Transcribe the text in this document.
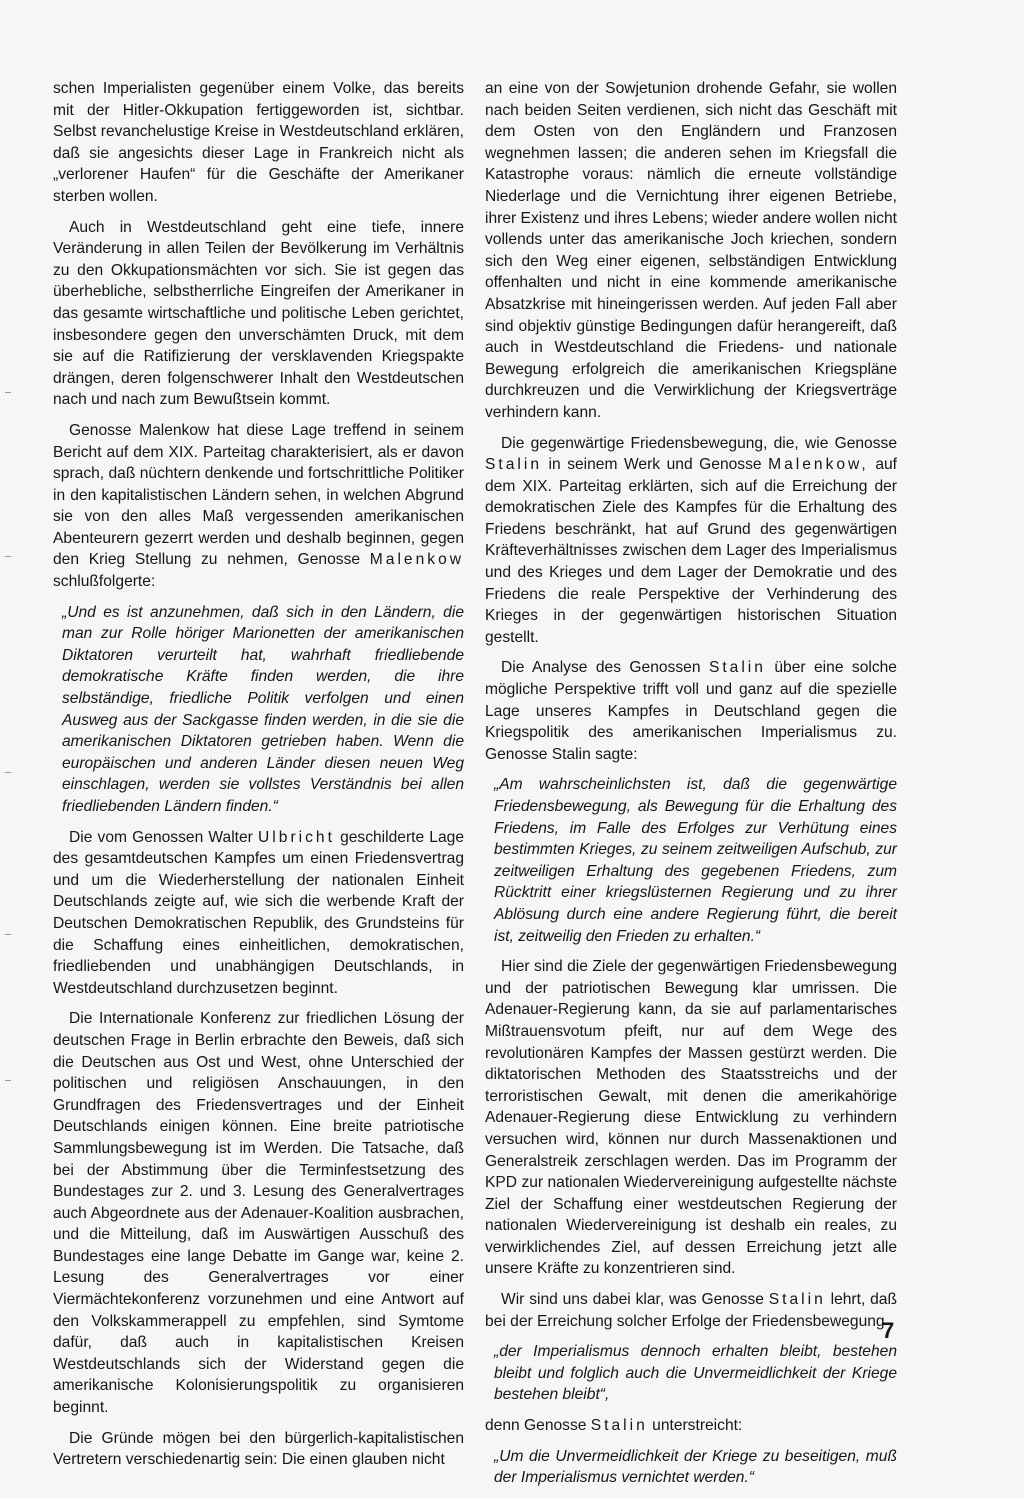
schen Imperialisten gegenüber einem Volke, das bereits mit der Hitler-Okkupation fertiggeworden ist, sichtbar. Selbst revanchelustige Kreise in Westdeutschland erklären, daß sie angesichts dieser Lage in Frankreich nicht als „verlorener Haufen“ für die Geschäfte der Amerikaner sterben wollen.

Auch in Westdeutschland geht eine tiefe, innere Veränderung in allen Teilen der Bevölkerung im Verhältnis zu den Okkupationsmächten vor sich. Sie ist gegen das überhebliche, selbstherrliche Eingreifen der Amerikaner in das gesamte wirtschaftliche und politische Leben gerichtet, insbesondere gegen den unverschämten Druck, mit dem sie auf die Ratifizierung der versklavenden Kriegspakte drängen, deren folgenschwerer Inhalt den Westdeutschen nach und nach zum Bewußtsein kommt.

Genosse Malenkow hat diese Lage treffend in seinem Bericht auf dem XIX. Parteitag charakterisiert, als er davon sprach, daß nüchtern denkende und fortschrittliche Politiker in den kapitalistischen Ländern sehen, in welchen Abgrund sie von den alles Maß vergessenden amerikanischen Abenteurern gezerrt werden und deshalb beginnen, gegen den Krieg Stellung zu nehmen, Genosse Malenkow schlußfolgerte:

„Und es ist anzunehmen, daß sich in den Ländern, die man zur Rolle höriger Marionetten der amerikanischen Diktatoren verurteilt hat, wahrhaft friedliebende demokratische Kräfte finden werden, die ihre selbständige, friedliche Politik verfolgen und einen Ausweg aus der Sackgasse finden werden, in die sie die amerikanischen Diktatoren getrieben haben. Wenn die europäischen und anderen Länder diesen neuen Weg einschlagen, werden sie vollstes Verständnis bei allen friedliebenden Ländern finden.“

Die vom Genossen Walter Ulbricht geschilderte Lage des gesamtdeutschen Kampfes um einen Friedensvertrag und um die Wiederherstellung der nationalen Einheit Deutschlands zeigte auf, wie sich die werbende Kraft der Deutschen Demokratischen Republik, des Grundsteins für die Schaffung eines einheitlichen, demokratischen, friedliebenden und unabhängigen Deutschlands, in Westdeutschland durchzusetzen beginnt.

Die Internationale Konferenz zur friedlichen Lösung der deutschen Frage in Berlin erbrachte den Beweis, daß sich die Deutschen aus Ost und West, ohne Unterschied der politischen und religiösen Anschauungen, in den Grundfragen des Friedensvertrages und der Einheit Deutschlands einigen können. Eine breite patriotische Sammlungsbewegung ist im Werden. Die Tatsache, daß bei der Abstimmung über die Terminfestsetzung des Bundestages zur 2. und 3. Lesung des Generalvertrages auch Abgeordnete aus der Adenauer-Koalition ausbrachen, und die Mitteilung, daß im Auswärtigen Ausschuß des Bundestages eine lange Debatte im Gange war, keine 2. Lesung des Generalvertrages vor einer Viermächtekonferenz vorzunehmen und eine Antwort auf den Volkskammerappell zu empfehlen, sind Symtome dafür, daß auch in kapitalistischen Kreisen Westdeutschlands sich der Widerstand gegen die amerikanische Kolonisierungspolitik zu organisieren beginnt.

Die Gründe mögen bei den bürgerlich-kapitalistischen Vertretern verschiedenartig sein: Die einen glauben nicht

an eine von der Sowjetunion drohende Gefahr, sie wollen nach beiden Seiten verdienen, sich nicht das Geschäft mit dem Osten von den Engländern und Franzosen wegnehmen lassen; die anderen sehen im Kriegsfall die Katastrophe voraus: nämlich die erneute vollständige Niederlage und die Vernichtung ihrer eigenen Betriebe, ihrer Existenz und ihres Lebens; wieder andere wollen nicht vollends unter das amerikanische Joch kriechen, sondern sich den Weg einer eigenen, selbständigen Entwicklung offenhalten und nicht in eine kommende amerikanische Absatzkrise mit hineingerissen werden. Auf jeden Fall aber sind objektiv günstige Bedingungen dafür herangereift, daß auch in Westdeutschland die Friedens- und nationale Bewegung erfolgreich die amerikanischen Kriegspläne durchkreuzen und die Verwirklichung der Kriegsverträge verhindern kann.

Die gegenwärtige Friedensbewegung, die, wie Genosse Stalin in seinem Werk und Genosse Malenkow, auf dem XIX. Parteitag erklärten, sich auf die Erreichung der demokratischen Ziele des Kampfes für die Erhaltung des Friedens beschränkt, hat auf Grund des gegenwärtigen Kräfteverhältnisses zwischen dem Lager des Imperialismus und des Krieges und dem Lager der Demokratie und des Friedens die reale Perspektive der Verhinderung des Krieges in der gegenwärtigen historischen Situation gestellt.

Die Analyse des Genossen Stalin über eine solche mögliche Perspektive trifft voll und ganz auf die spezielle Lage unseres Kampfes in Deutschland gegen die Kriegspolitik des amerikanischen Imperialismus zu. Genosse Stalin sagte:

„Am wahrscheinlichsten ist, daß die gegenwärtige Friedensbewegung, als Bewegung für die Erhaltung des Friedens, im Falle des Erfolges zur Verhütung eines bestimmten Krieges, zu seinem zeitweiligen Aufschub, zur zeitweiligen Erhaltung des gegebenen Friedens, zum Rücktritt einer kriegslüsternen Regierung und zu ihrer Ablösung durch eine andere Regierung führt, die bereit ist, zeitweilig den Frieden zu erhalten.“

Hier sind die Ziele der gegenwärtigen Friedensbewegung und der patriotischen Bewegung klar umrissen. Die Adenauer-Regierung kann, da sie auf parlamentarisches Mißtrauensvotum pfeift, nur auf dem Wege des revolutionären Kampfes der Massen gestürzt werden. Die diktatorischen Methoden des Staatsstreichs und der terroristischen Gewalt, mit denen die amerikahörige Adenauer-Regierung diese Entwicklung zu verhindern versuchen wird, können nur durch Massenaktionen und Generalstreik zerschlagen werden. Das im Programm der KPD zur nationalen Wiedervereinigung aufgestellte nächste Ziel der Schaffung einer westdeutschen Regierung der nationalen Wiedervereinigung ist deshalb ein reales, zu verwirklichendes Ziel, auf dessen Erreichung jetzt alle unsere Kräfte zu konzentrieren sind.

Wir sind uns dabei klar, was Genosse Stalin lehrt, daß bei der Erreichung solcher Erfolge der Friedensbewegung

„der Imperialismus dennoch erhalten bleibt, bestehen bleibt und folglich auch die Unvermeidlichkeit der Kriege bestehen bleibt“,

denn Genosse Stalin unterstreicht:

„Um die Unvermeidlichkeit der Kriege zu beseitigen, muß der Imperialismus vernichtet werden.“

7
